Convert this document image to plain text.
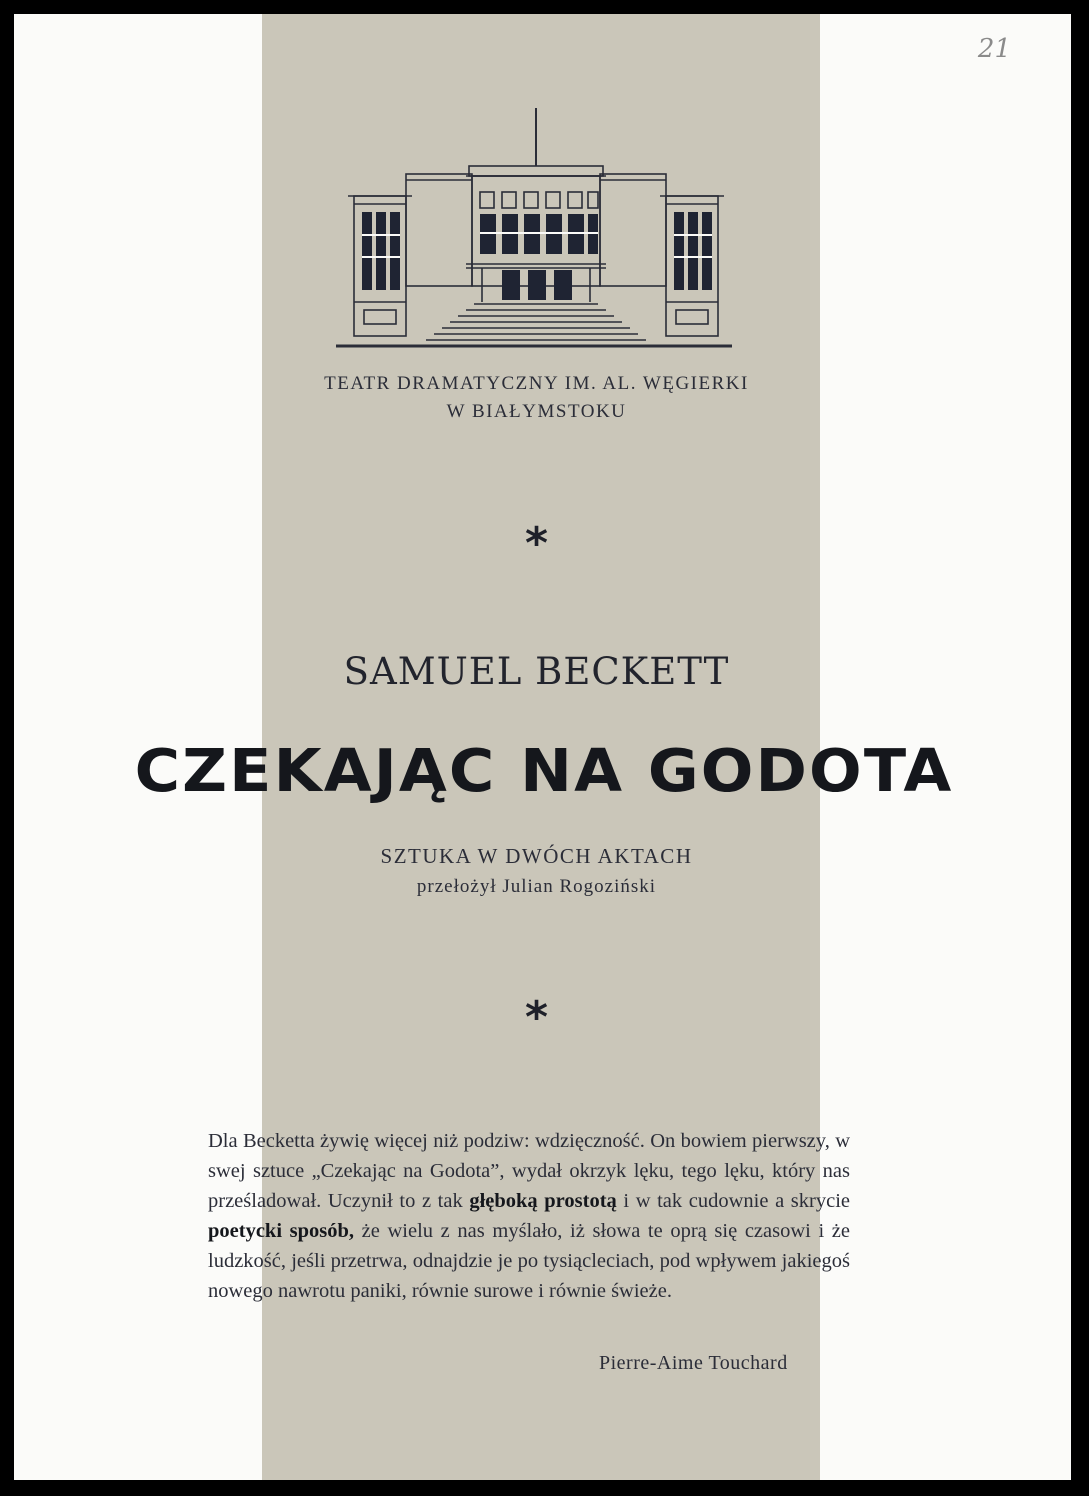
21
TEATR DRAMATYCZNY IM. AL. WĘGIERKI
W BIAŁYMSTOKU
*
SAMUEL BECKETT
CZEKAJĄC NA GODOTA
SZTUKA W DWÓCH AKTACH
przełożył Julian Rogoziński
*
Dla Becketta żywię więcej niż podziw: wdzięczność. On bowiem pierwszy, w swej sztuce „Czekając na Godota”, wydał okrzyk lęku, tego lęku, który nas prześladował. Uczynił to z tak głęboką prostotą i w tak cudownie a skrycie poetycki sposób, że wielu z nas myślało, iż słowa te oprą się czasowi i że ludzkość, jeśli przetrwa, odnajdzie je po tysiącleciach, pod wpływem jakiegoś nowego nawrotu paniki, równie surowe i równie świeże.
Pierre-Aime Touchard
